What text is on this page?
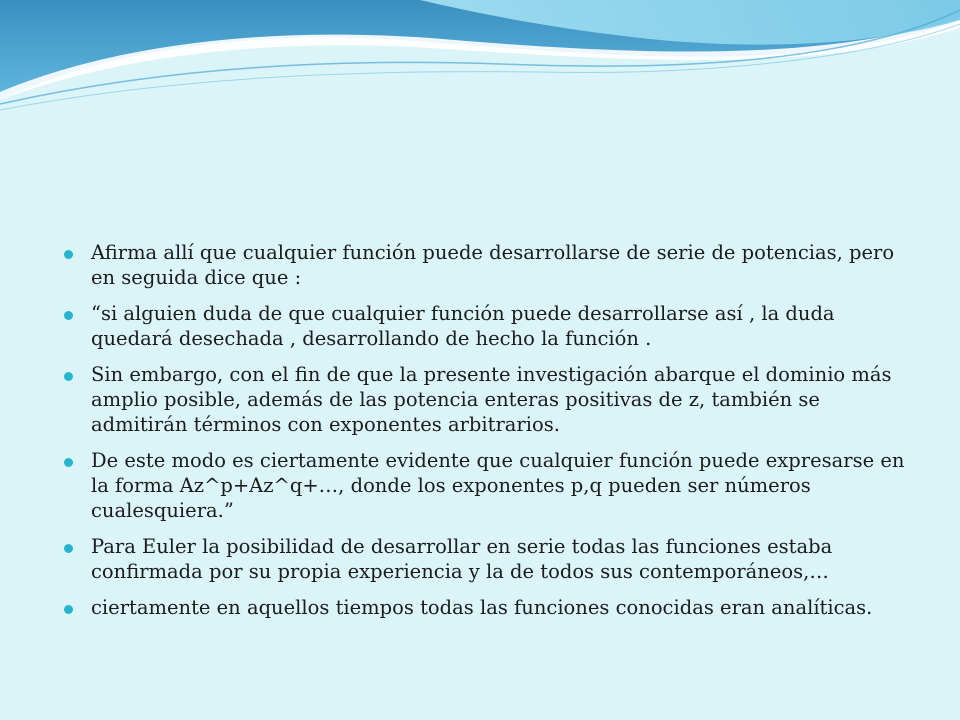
Afirma allí que cualquier función puede desarrollarse de serie de potencias, pero en seguida dice que :
“si alguien duda de que cualquier función puede desarrollarse así , la duda quedará desechada , desarrollando de hecho la función .
Sin embargo, con el fin de que la presente investigación abarque el dominio más amplio posible, además de las potencia enteras positivas de z, también se admitirán términos con exponentes arbitrarios.
De este modo es ciertamente evidente que cualquier función puede expresarse en la forma Az^p+Az^q+…, donde los exponentes p,q pueden ser números cualesquiera.”
Para Euler la posibilidad de desarrollar en serie todas las funciones estaba confirmada por su propia experiencia y la de todos sus contemporáneos,…
ciertamente en aquellos tiempos todas las funciones conocidas eran analíticas.
